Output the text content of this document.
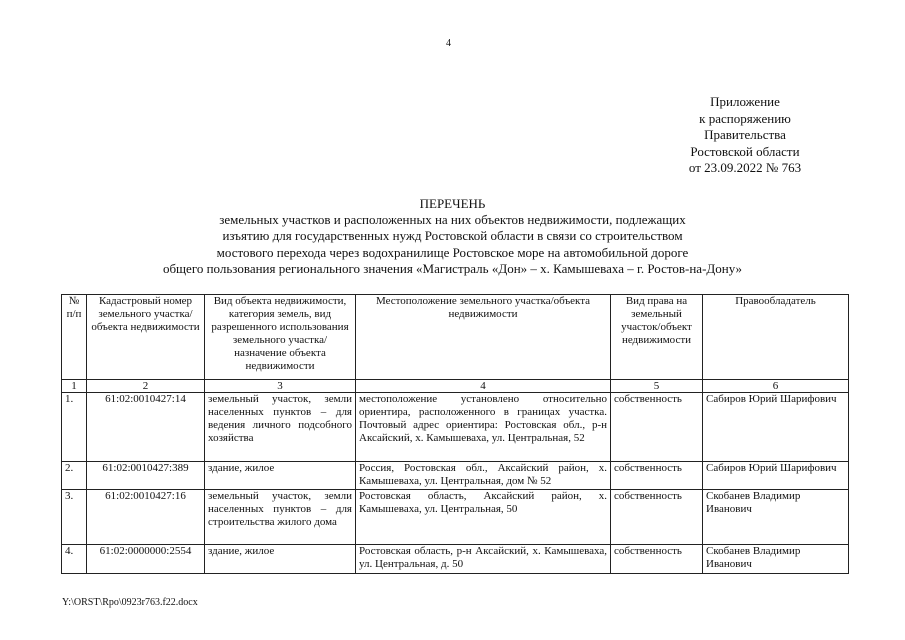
4
Приложение
к распоряжению
Правительства
Ростовской области
от 23.09.2022 № 763
ПЕРЕЧЕНЬ
земельных участков и расположенных на них объектов недвижимости, подлежащих
изъятию для государственных нужд Ростовской области в связи со строительством
мостового перехода через водохранилище Ростовское море на автомобильной дороге
общего пользования регионального значения «Магистраль «Дон» – х. Камышеваха – г. Ростов-на-Дону»
№ п/п	Кадастровый номер земельного участка/объекта недвижимости	Вид объекта недвижимости, категория земель, вид разрешенного использования земельного участка/назначение объекта недвижимости	Местоположение земельного участка/объекта недвижимости	Вид права на земельный участок/объект недвижимости	Правообладатель
1	2	3	4	5	6
1.	61:02:0010427:14	земельный участок, земли населенных пунктов – для ведения личного подсобного хозяйства	местоположение установлено относительно ориентира, расположенного в границах участка. Почтовый адрес ориентира: Ростовская обл., р-н Аксайский, х. Камышеваха, ул. Центральная, 52	собственность	Сабиров Юрий Шарифович
2.	61:02:0010427:389	здание, жилое	Россия, Ростовская обл., Аксайский район, х. Камышеваха, ул. Центральная, дом № 52	собственность	Сабиров Юрий Шарифович
3.	61:02:0010427:16	земельный участок, земли населенных пунктов – для строительства жилого дома	Ростовская область, Аксайский район, х. Камышеваха, ул. Центральная, 50	собственность	Скобанев Владимир Иванович
4.	61:02:0000000:2554	здание, жилое	Ростовская область, р-н Аксайский, х. Камышеваха, ул. Центральная, д. 50	собственность	Скобанев Владимир Иванович
Y:\ORST\Rpo\0923r763.f22.docx
